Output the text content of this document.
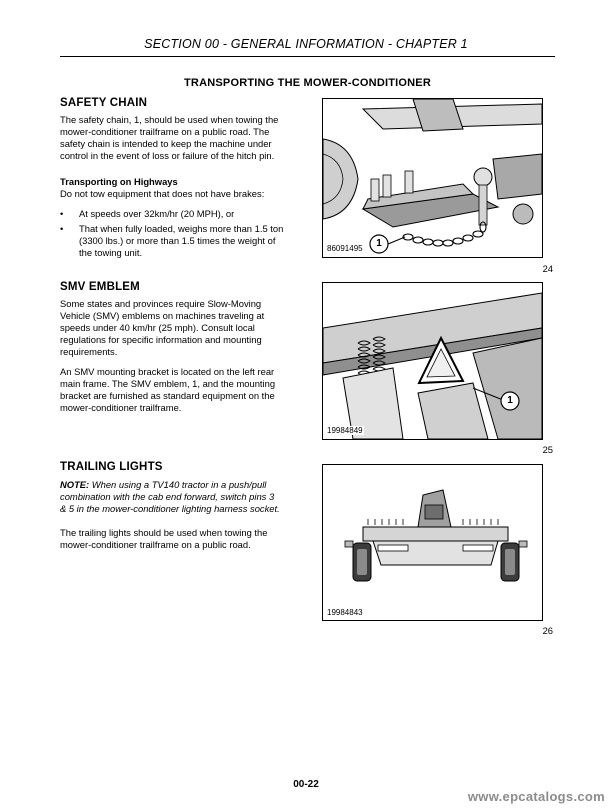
SECTION 00 - GENERAL INFORMATION - CHAPTER 1
TRANSPORTING THE MOWER-CONDITIONER
SAFETY CHAIN
The safety chain, 1, should be used when towing the
mower-conditioner trailframe on a public road. The
safety chain is intended to keep the machine under
control in the event of loss or failure of the hitch pin.
Transporting on Highways
Do not tow equipment that does not have brakes:
• At speeds over 32km/hr (20 MPH), or
• That when fully loaded, weighs more than 1.5 ton
(3300 lbs.) or more than 1.5 times the weight of
the towing unit.
1
86091495
24
SMV EMBLEM
Some states and provinces require Slow-Moving
Vehicle (SMV) emblems on machines traveling at
speeds under 40 km/hr (25 mph). Consult local
regulations for specific information and mounting
requirements.
An SMV mounting bracket is located on the left rear
main frame. The SMV emblem, 1, and the mounting
bracket are furnished as standard equipment on the
mower-conditioner trailframe.
1
19984849
25
TRAILING LIGHTS
NOTE: When using a TV140 tractor in a push/pull
combination with the cab end forward, switch pins 3
& 5 in the mower-conditioner lighting harness socket.
The trailing lights should be used when towing the
mower-conditioner trailframe on a public road.
19984843
26
00-22
www.epcatalogs.com
